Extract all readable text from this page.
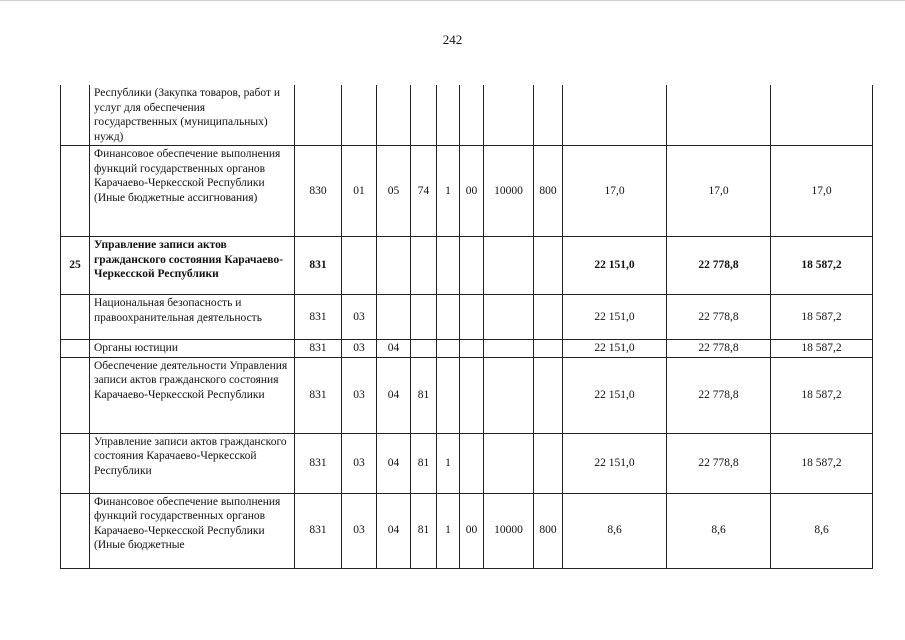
242
	Республики (Закупка товаров, работ и услуг для обеспечения государственных (муниципальных) нужд)											
	Финансовое обеспечение выполнения функций государственных органов Карачаево-Черкесской Республики (Иные бюджетные ассигнования)	830	01	05	74	1	00	10000	800	17,0	17,0	17,0
25	Управление записи актов гражданского состояния Карачаево-Черкесской Республики	831								22 151,0	22 778,8	18 587,2
	Национальная безопасность и правоохранительная деятельность	831	03							22 151,0	22 778,8	18 587,2
	Органы юстиции	831	03	04						22 151,0	22 778,8	18 587,2
	Обеспечение деятельности Управления записи актов гражданского состояния Карачаево-Черкесской Республики	831	03	04	81					22 151,0	22 778,8	18 587,2
	Управление записи актов гражданского состояния Карачаево-Черкесской Республики	831	03	04	81	1				22 151,0	22 778,8	18 587,2
	Финансовое обеспечение выполнения функций государственных органов Карачаево-Черкесской Республики (Иные бюджетные	831	03	04	81	1	00	10000	800	8,6	8,6	8,6
